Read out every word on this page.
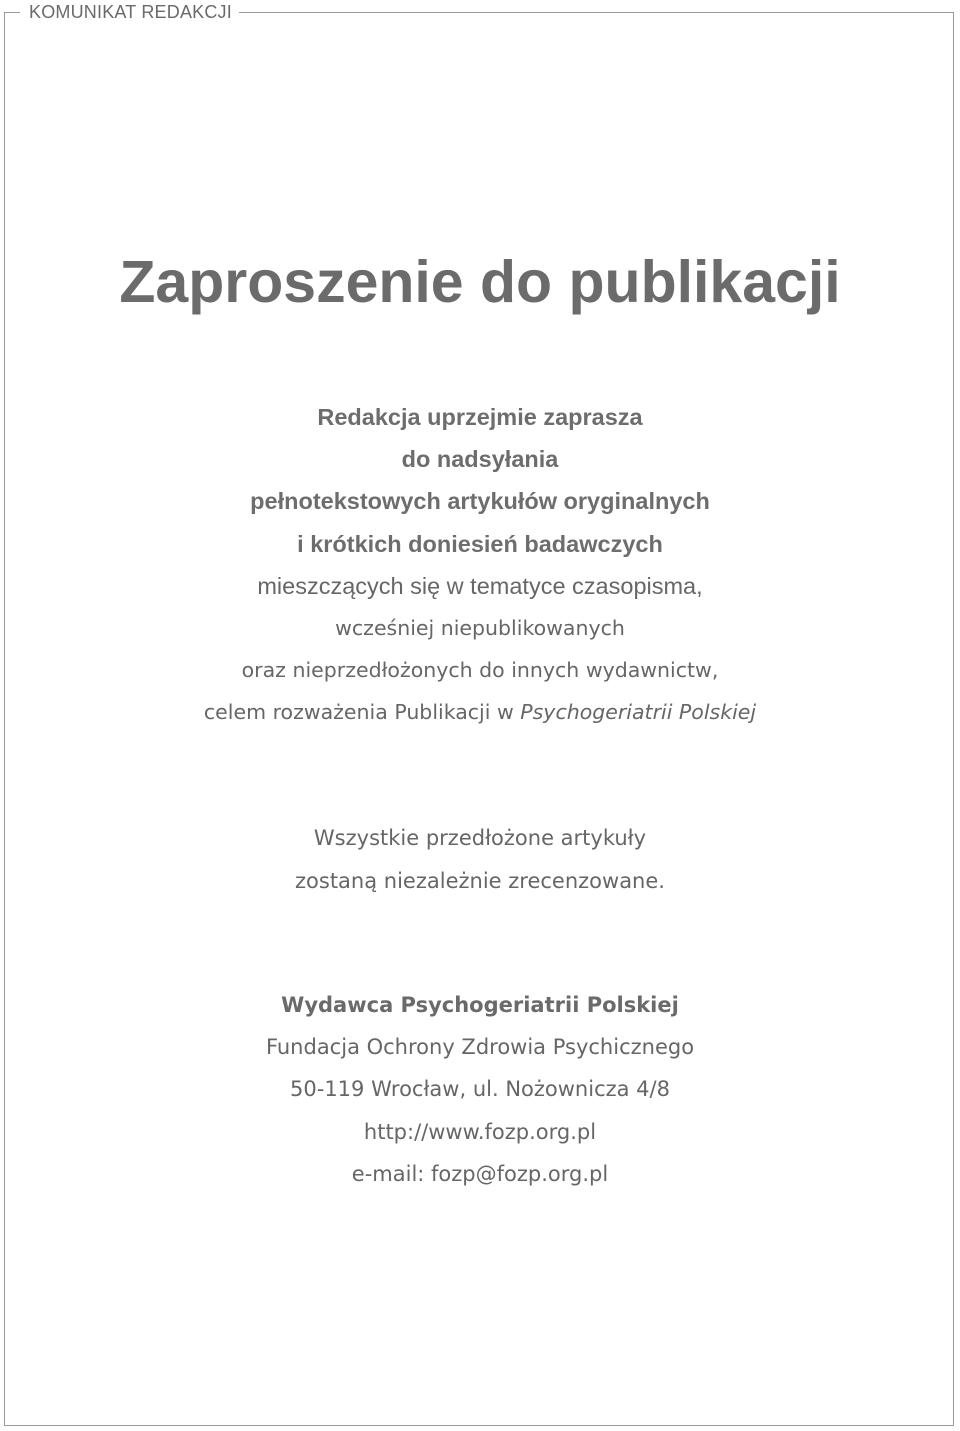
KOMUNIKAT REDAKCJI
Zaproszenie do publikacji
Redakcja uprzejmie zaprasza
do nadsyłania
pełnotekstowych artykułów oryginalnych
i krótkich doniesień badawczych
mieszczących się w tematyce czasopisma,
wcześniej niepublikowanych
oraz nieprzedłożonych do innych wydawnictw,
celem rozważenia Publikacji w Psychogeriatrii Polskiej
Wszystkie przedłożone artykuły
zostaną niezależnie zrecenzowane.
Wydawca Psychogeriatrii Polskiej
Fundacja Ochrony Zdrowia Psychicznego
50-119 Wrocław, ul. Nożownicza 4/8
http://www.fozp.org.pl
e-mail: fozp@fozp.org.pl
